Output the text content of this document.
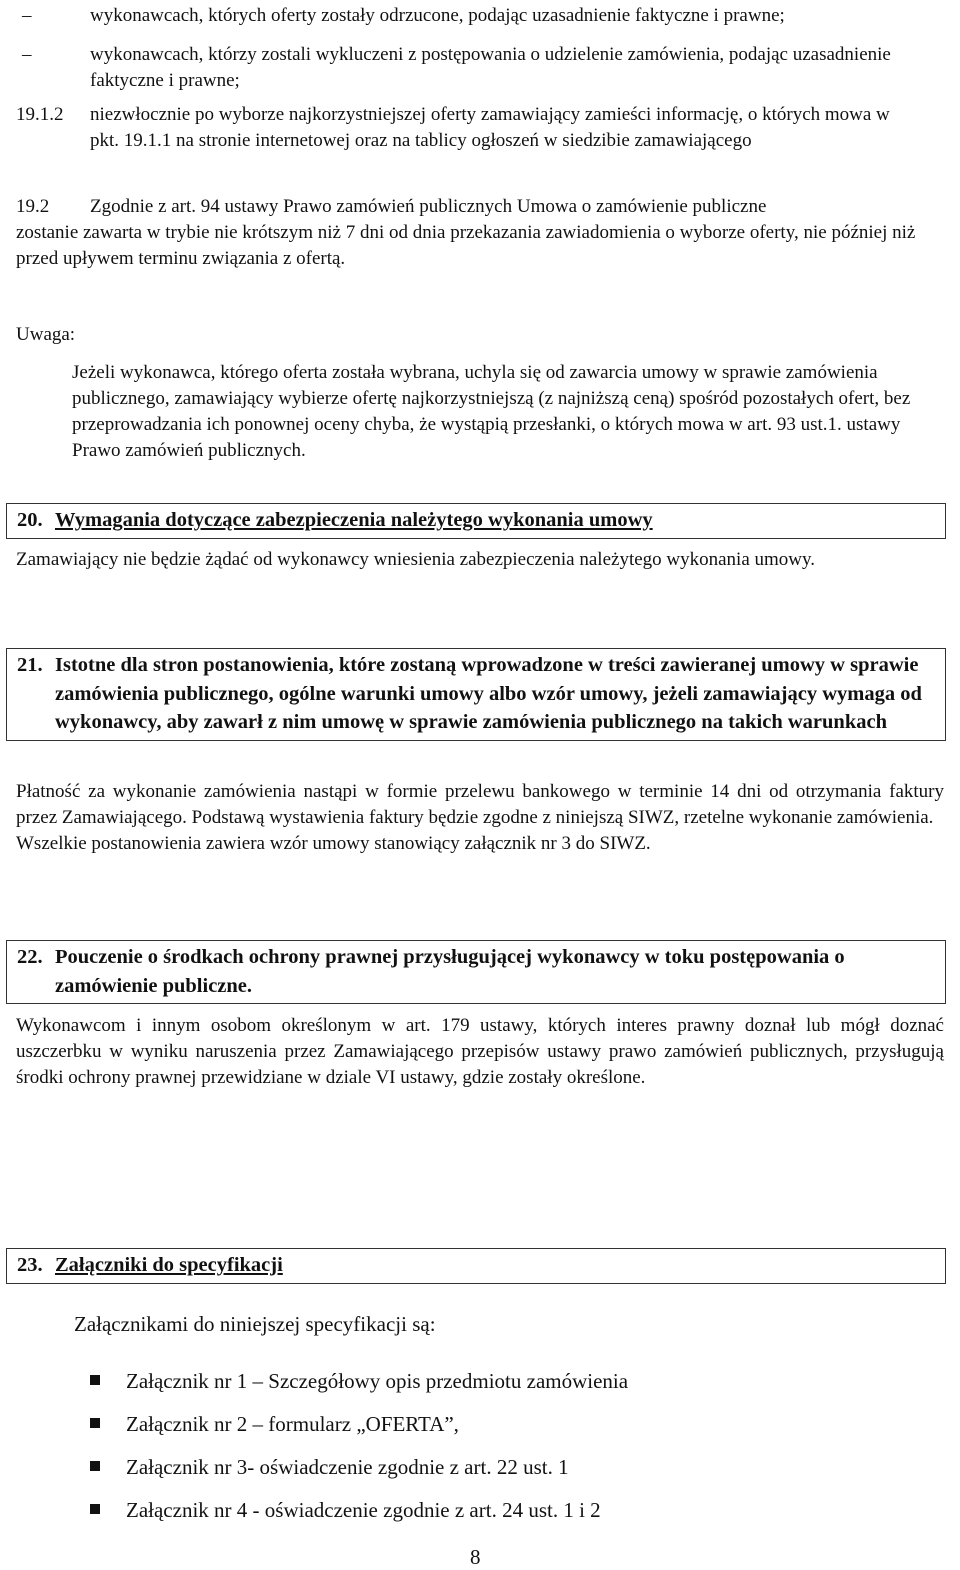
–	wykonawcach, których oferty zostały odrzucone, podając uzasadnienie faktyczne i prawne;
–	wykonawcach, którzy zostali wykluczeni z postępowania o udzielenie zamówienia, podając uzasadnienie faktyczne i prawne;
19.1.2 niezwłocznie po wyborze najkorzystniejszej oferty zamawiający zamieści informację, o których mowa w pkt. 19.1.1 na stronie internetowej oraz na tablicy ogłoszeń w siedzibie zamawiającego
19.2 Zgodnie z art. 94 ustawy Prawo zamówień publicznych Umowa o zamówienie publiczne
zostanie zawarta w trybie nie krótszym niż 7 dni od dnia przekazania zawiadomienia o wyborze oferty, nie później niż przed upływem terminu związania z ofertą.
Uwaga:
Jeżeli wykonawca, którego oferta została wybrana, uchyla się od zawarcia umowy w sprawie zamówienia publicznego, zamawiający wybierze ofertę najkorzystniejszą (z najniższą ceną) spośród pozostałych ofert, bez przeprowadzania ich ponownej oceny chyba, że wystąpią przesłanki, o których mowa w art. 93 ust.1. ustawy Prawo zamówień publicznych.
20. Wymagania dotyczące zabezpieczenia należytego wykonania umowy
Zamawiający nie będzie żądać od wykonawcy wniesienia zabezpieczenia należytego wykonania umowy.
21. Istotne dla stron postanowienia, które zostaną wprowadzone w treści zawieranej umowy w sprawie zamówienia publicznego, ogólne warunki umowy albo wzór umowy, jeżeli zamawiający wymaga od wykonawcy, aby zawarł z nim umowę w sprawie zamówienia publicznego na takich warunkach
Płatność za wykonanie zamówienia nastąpi w formie przelewu bankowego w terminie 14 dni od otrzymania faktury przez Zamawiającego. Podstawą wystawienia faktury będzie zgodne z niniejszą SIWZ, rzetelne wykonanie zamówienia.
Wszelkie postanowienia zawiera wzór umowy stanowiący załącznik nr 3 do SIWZ.
22. Pouczenie o środkach ochrony prawnej przysługującej wykonawcy w toku postępowania o zamówienie publiczne.
Wykonawcom i innym osobom określonym w art. 179 ustawy, których interes prawny doznał lub mógł doznać uszczerbku w wyniku naruszenia przez Zamawiającego przepisów ustawy prawo zamówień publicznych, przysługują środki ochrony prawnej przewidziane w dziale VI ustawy, gdzie zostały określone.
23. Załączniki do specyfikacji
Załącznikami do niniejszej specyfikacji są:
Załącznik nr 1 – Szczegółowy opis przedmiotu zamówienia
Załącznik nr 2 – formularz „OFERTA”,
Załącznik nr 3- oświadczenie zgodnie z art. 22 ust. 1
Załącznik nr 4 - oświadczenie zgodnie z art. 24 ust. 1 i 2
8
